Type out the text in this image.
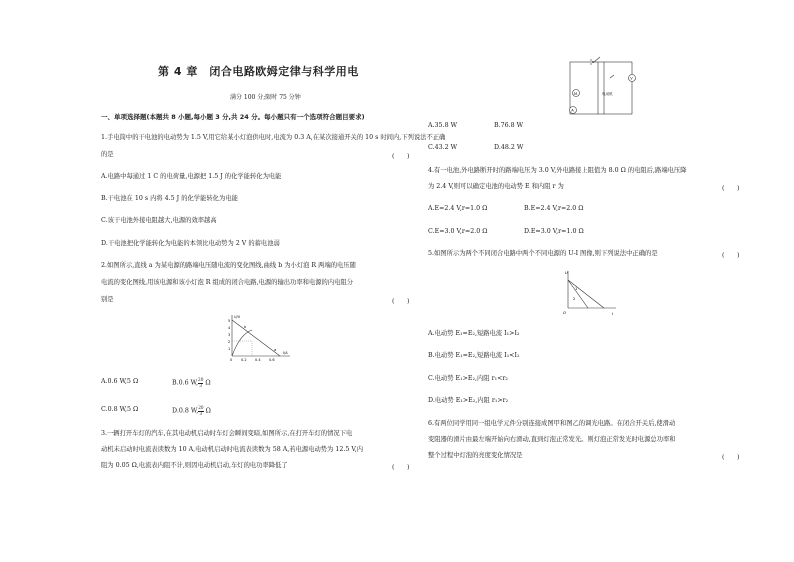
第 4 章　闭合电路欧姆定律与科学用电
满分 100 分;限时 75 分钟
一、单项选择题(本题共 8 小题,每小题 3 分,共 24 分。每小题只有一个选项符合题目要求)
1.手电筒中的干电池的电动势为 1.5 V,用它给某小灯泡供电时,电流为 0.3 A,在某次接通开关的 10 s 时间内,下列说法不正确
的是	(　　)
A.电路中每通过 1 C 的电荷量,电源把 1.5 J 的化学能转化为电能
B.干电池在 10 s 内将 4.5 J 的化学能转化为电能
C.该干电池外接电阻越大,电源的效率越高
D.干电池把化学能转化为电能的本领比电动势为 2 V 的蓄电池弱
2.如图所示,直线 a 为某电源的路端电压随电流的变化图线,曲线 b 为小灯泡 R 两端的电压随
电流的变化图线,用该电源和该小灯泡 R 组成的闭合电路,电源的输出功率和电源的内电阻分
别是	(　　)
U/V
I/A
5
4
3
2
1
0	0.2 0.4 0.6
a
b
A.0.6 W,5 Ω	B.0.6 W, $\frac{20}{3}$ Ω
C.0.8 W,5 Ω	D.0.8 W, $\frac{20}{3}$ Ω
3.一辆打开车灯的汽车,在其电动机启动时车灯会瞬间变暗,如图所示,在打开车灯的情况下电
动机未启动时电流表读数为 10 A,电动机启动时电流表读数为 58 A,若电源电动势为 12.5 V,内
阻为 0.05 Ω,电流表内阻不计,则因电动机启动,车灯的电功率降低了	(　　)
M
V
A
电动机
A.35.8 W	B.76.8 W
C.43.2 W	D.48.2 W
4.有一电池,外电路断开时的路端电压为 3.0 V,外电路接上阻值为 8.0 Ω 的电阻后,路端电压降
为 2.4 V,则可以确定电池的电动势 E 和内阻 r 为	(　　)
A.E=2.4 V,r=1.0 Ω	B.E=2.4 V,r=2.0 Ω
C.E=3.0 V,r=2.0 Ω	D.E=3.0 V,r=1.0 Ω
5.如图所示为两个不同闭合电路中两个不同电源的 U-I 图像,则下列说法中正确的是	(　　)
U
I
O
1
2
A.电动势 E₁=E₂,短路电流 I₁>I₂
B.电动势 E₁=E₂,短路电流 I₁<I₂
C.电动势 E₁>E₂,内阻 r₁<r₂
D.电动势 E₁>E₂,内阻 r₁>r₂
6.有两位同学用同一组电学元件分别连接成图甲和图乙的调光电路。在闭合开关后,使滑动
变阻器的滑片由最左端开始向右滑动,直到灯泡正常发光。则灯泡正常发光时电源总功率和
整个过程中灯泡的亮度变化情况是	(　　)
